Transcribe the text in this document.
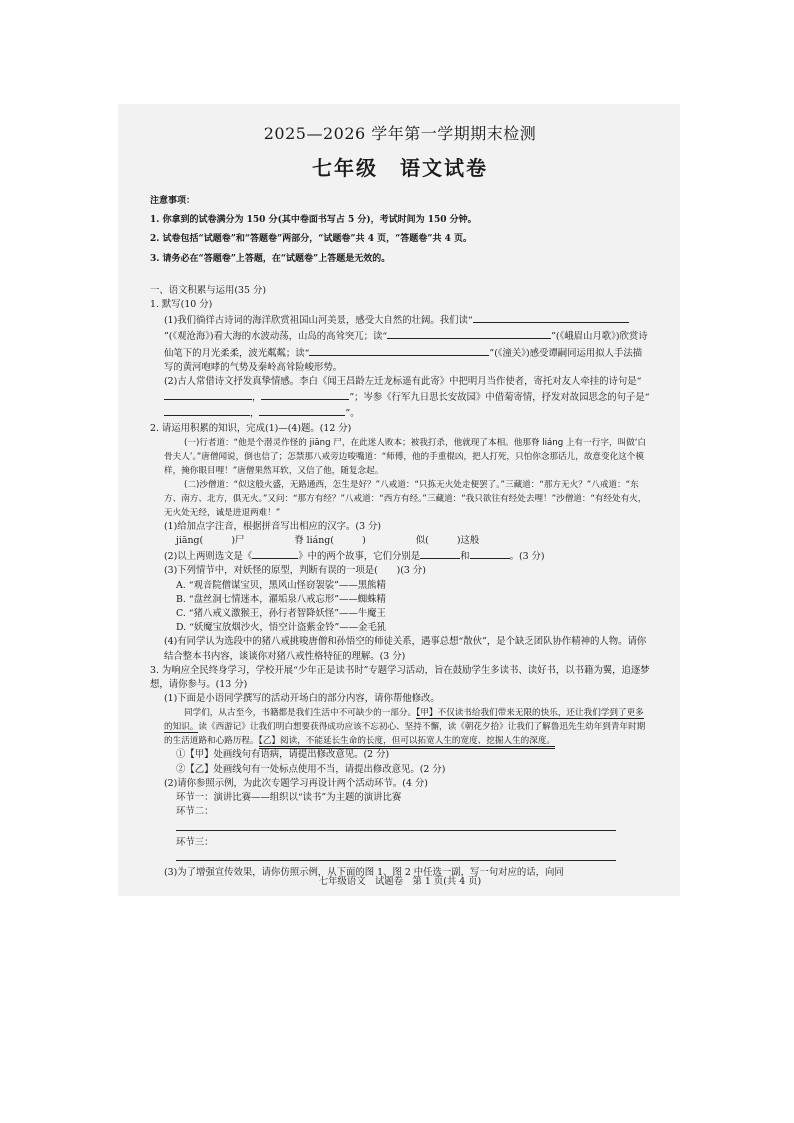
2025—2026 学年第一学期期末检测
七年级　语文试卷

注意事项：

1. 你拿到的试卷满分为 150 分(其中卷面书写占 5 分)，考试时间为 150 分钟。

2. 试卷包括“试题卷”和“答题卷”两部分，“试题卷”共 4 页，“答题卷”共 4 页。

3. 请务必在“答题卷”上答题，在“试题卷”上答题是无效的。

一、语文积累与运用(35 分)

1. 默写(10 分)

(1)我们徜徉古诗词的海洋欣赏祖国山河美景，感受大自然的壮阔。我们读“”(《观沧海》)看大海的水波动荡，山岛的高耸突兀；读“	”(《峨眉山月歌》)欣赏诗仙笔下的月光柔柔，波光粼粼；读“	”(《潼关》)感受谭嗣同运用拟人手法描写的黄河咆哮的气势及秦岭高耸险峻形势。

(2)古人常借诗文抒发真挚情感。李白《闻王昌龄左迁龙标遥有此寄》中把明月当作使者，寄托对友人牵挂的诗句是“，	”；岑参《行军九日思长安故园》中借菊寄情，抒发对故园思念的句子是“，	”。

2. 请运用积累的知识，完成(1)—(4)题。(12 分)

(一)行者道：“他是个潜灵作怪的 jiāng 尸，在此迷人败本；被我打杀，他就现了本相。他那脊 liáng 上有一行字，叫做‘白骨夫人’。”唐僧闻说，倒也信了；怎禁那八戒旁边唆嘴道：“师傅，他的手重棍凶，把人打死，只怕你念那话儿，故意变化这个模样，掩你眼目哩！”唐僧果然耳软，又信了他，随复念起。

(二)沙僧道：“似这般火盛，无路通西，怎生是好？”八戒道：“只拣无火处走便罢了。”三藏道：“那方无火？”八戒道：“东方、南方、北方，俱无火。”又问：“那方有经？”八戒道：“西方有经。”三藏道：“我只欲往有经处去哩！”沙僧道：“有经处有火，无火处无经，诚是进退两难！”

(1)给加点字注音，根据拼音写出相应的汉字。(3 分)

jiāng(　　　)尸	脊 liáng(　　　)	似(　　　)这般

(2)以上两则选文是《	》中的两个故事，它们分别是	和	。(3 分)

(3)下列情节中，对妖怪的原型，判断有误的一项是(　　)(3 分)

A. “观音院僧谋宝贝，黑风山怪窃袈裟”——黑熊精

B. “盘丝洞七情迷本，濯垢泉八戒忘形”——蜘蛛精

C. “猪八戒义激猴王，孙行者智降妖怪”——牛魔王

D. “妖魔宝放烟沙火，悟空计盗紫金铃”——金毛犼

(4)有同学认为选段中的猪八戒挑唆唐僧和孙悟空的师徒关系，遇事总想“散伙”，是个缺乏团队协作精神的人物。请你结合整本书内容，谈谈你对猪八戒性格特征的理解。(3 分)

3. 为响应全民终身学习，学校开展“少年正是读书时”专题学习活动，旨在鼓励学生多读书、读好书，以书籍为翼，追逐梦想，请你参与。(13 分)

(1)下面是小语同学撰写的活动开场白的部分内容，请你帮他修改。

同学们，从古至今，书籍都是我们生活中不可缺少的一部分。【甲】不仅读书给我们带来无限的快乐，还让我们学到了更多的知识。读《西游记》让我们明白想要获得成功应该不忘初心、坚持不懈，读《朝花夕拾》让我们了解鲁迅先生幼年到青年时期的生活道路和心路历程。【乙】阅读，不能延长生命的长度，但可以拓宽人生的宽度、挖掘人生的深度。

①【甲】处画线句有语病，请提出修改意见。(2 分)

②【乙】处画线句有一处标点使用不当，请提出修改意见。(2 分)

(2)请你参照示例，为此次专题学习再设计两个活动环节。(4 分)

环节一：演讲比赛——组织以“读书”为主题的演讲比赛

环节二：

环节三：

(3)为了增强宣传效果，请你仿照示例，从下面的图 1、图 2 中任选一副，写一句对应的话，向同

七年级语文　试题卷　第 1 页(共 4 页)
